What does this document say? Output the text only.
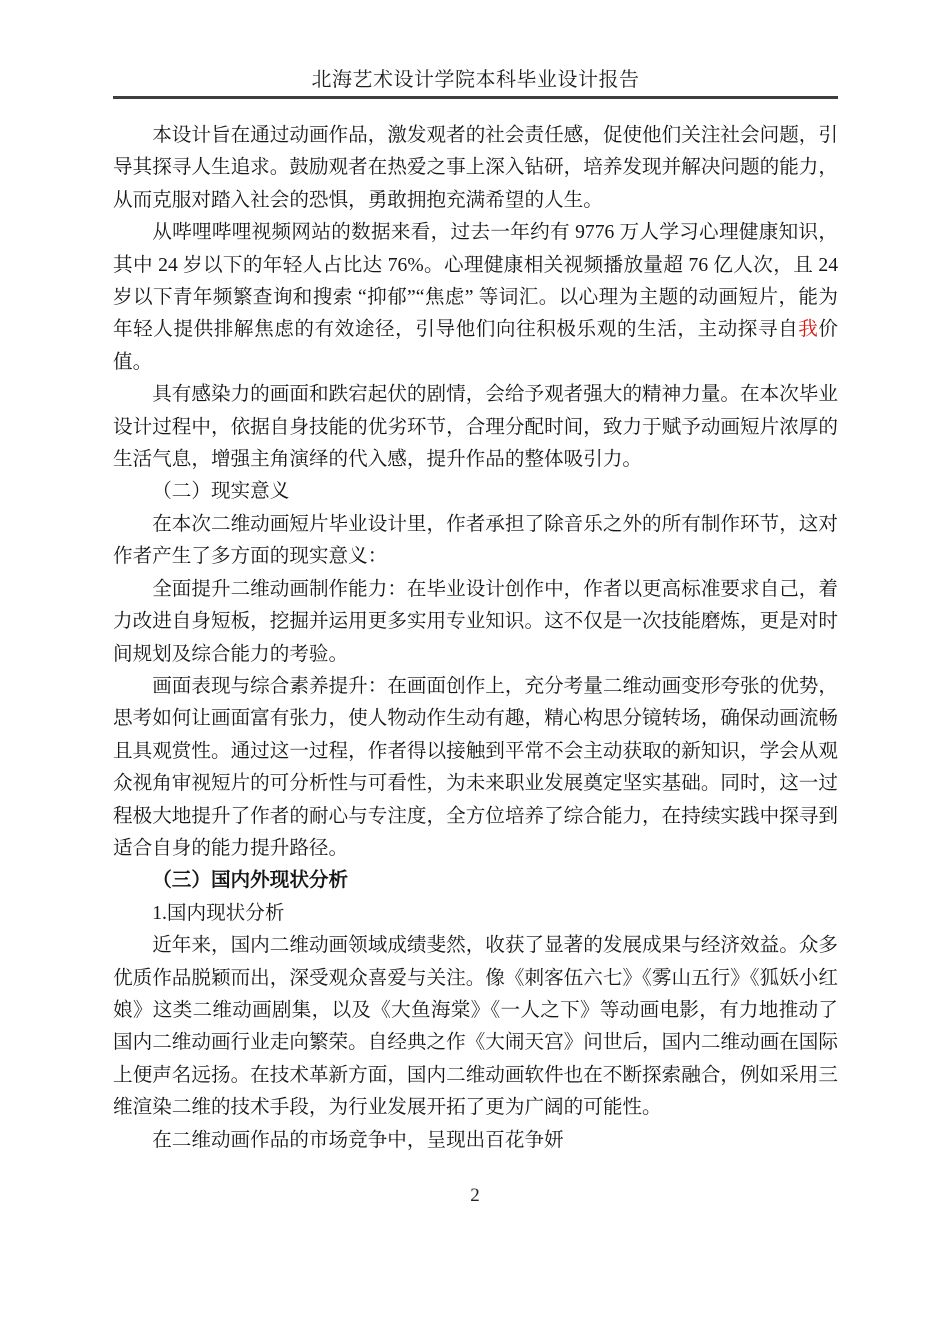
北海艺术设计学院本科毕业设计报告

本设计旨在通过动画作品，激发观者的社会责任感，促使他们关注社会问题，引导其探寻人生追求。鼓励观者在热爱之事上深入钻研，培养发现并解决问题的能力，从而克服对踏入社会的恐惧，勇敢拥抱充满希望的人生。

从哔哩哔哩视频网站的数据来看，过去一年约有 9776 万人学习心理健康知识，其中 24 岁以下的年轻人占比达 76%。心理健康相关视频播放量超 76 亿人次，且 24 岁以下青年频繁查询和搜索 “抑郁”“焦虑” 等词汇。以心理为主题的动画短片，能为年轻人提供排解焦虑的有效途径，引导他们向往积极乐观的生活，主动探寻自我价值。

具有感染力的画面和跌宕起伏的剧情，会给予观者强大的精神力量。在本次毕业设计过程中，依据自身技能的优劣环节，合理分配时间，致力于赋予动画短片浓厚的生活气息，增强主角演绎的代入感，提升作品的整体吸引力。

（二）现实意义

在本次二维动画短片毕业设计里，作者承担了除音乐之外的所有制作环节，这对作者产生了多方面的现实意义：

全面提升二维动画制作能力：在毕业设计创作中，作者以更高标准要求自己，着力改进自身短板，挖掘并运用更多实用专业知识。这不仅是一次技能磨炼，更是对时间规划及综合能力的考验。

画面表现与综合素养提升：在画面创作上，充分考量二维动画变形夸张的优势，思考如何让画面富有张力，使人物动作生动有趣，精心构思分镜转场，确保动画流畅且具观赏性。通过这一过程，作者得以接触到平常不会主动获取的新知识，学会从观众视角审视短片的可分析性与可看性，为未来职业发展奠定坚实基础。同时，这一过程极大地提升了作者的耐心与专注度，全方位培养了综合能力，在持续实践中探寻到适合自身的能力提升路径。

（三）国内外现状分析

1.国内现状分析

近年来，国内二维动画领域成绩斐然，收获了显著的发展成果与经济效益。众多优质作品脱颖而出，深受观众喜爱与关注。像《刺客伍六七》《雾山五行》《狐妖小红娘》这类二维动画剧集，以及《大鱼海棠》《一人之下》等动画电影，有力地推动了国内二维动画行业走向繁荣。自经典之作《大闹天宫》问世后，国内二维动画在国际上便声名远扬。在技术革新方面，国内二维动画软件也在不断探索融合，例如采用三维渲染二维的技术手段，为行业发展开拓了更为广阔的可能性。

在二维动画作品的市场竞争中，呈现出百花争妍

2
